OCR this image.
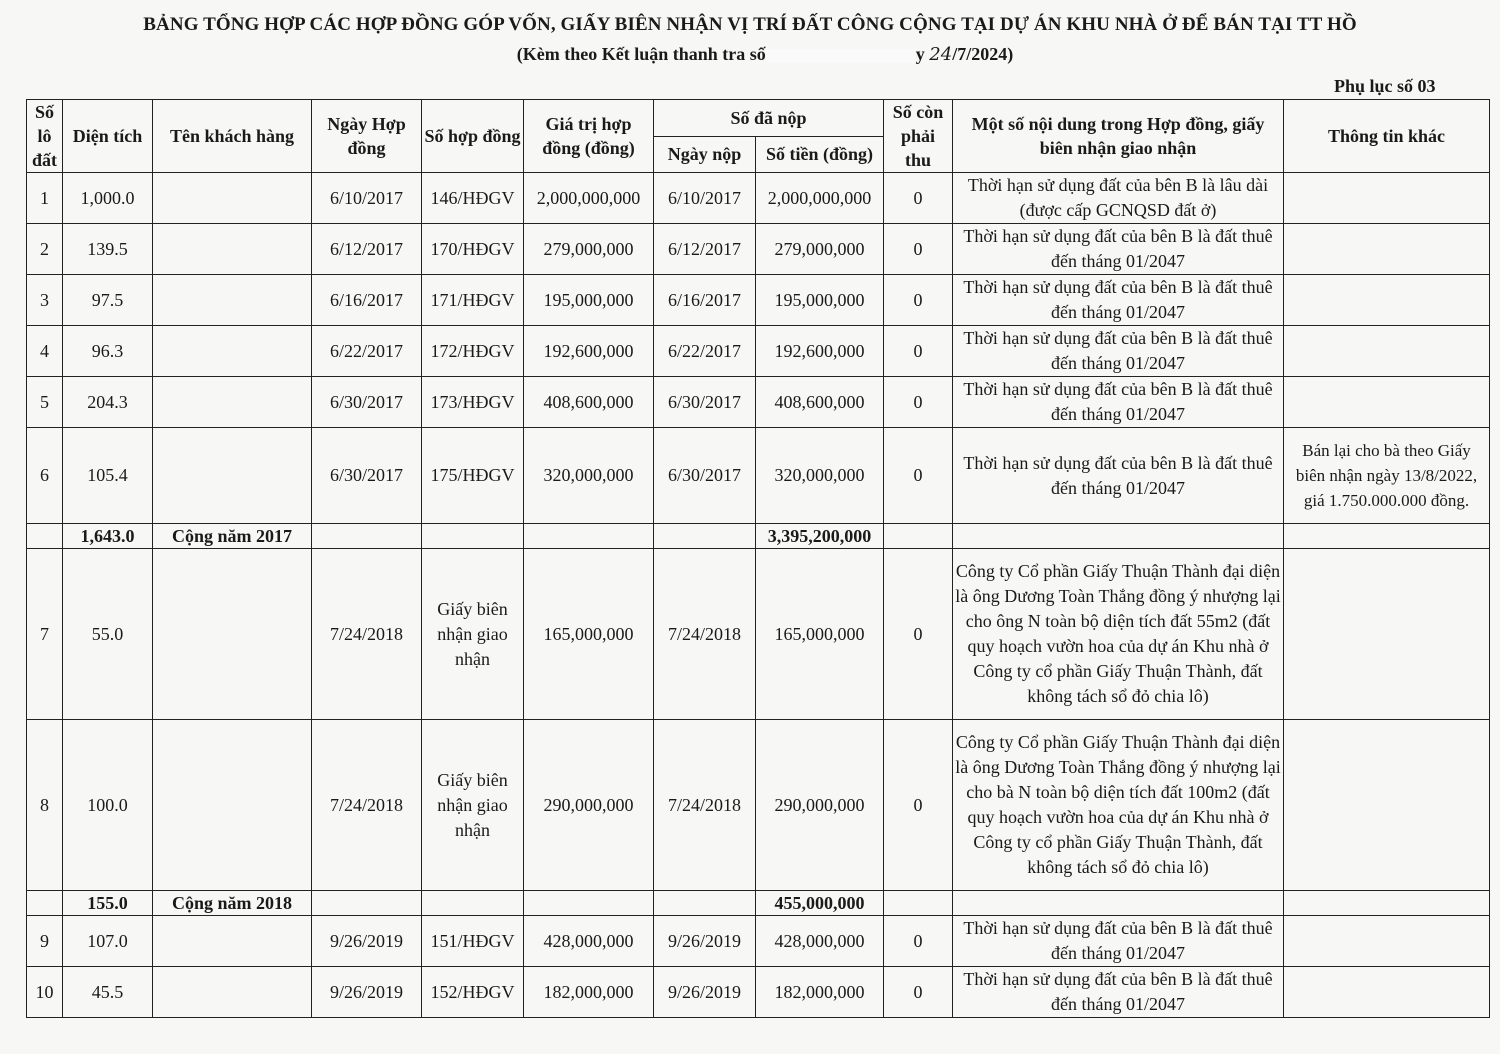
BẢNG TỔNG HỢP CÁC HỢP ĐỒNG GÓP VỐN, GIẤY BIÊN NHẬN VỊ TRÍ ĐẤT CÔNG CỘNG TẠI DỰ ÁN KHU NHÀ Ở ĐỂ BÁN TẠI TT HỒ
(Kèm theo Kết luận thanh tra số	y 24/7/2024)
Phụ lục số 03
Số lô đất	Diện tích	Tên khách hàng	Ngày Hợp đồng	Số hợp đồng	Giá trị hợp đồng (đồng)	Số đã nộp		Số còn phải thu	Một số nội dung trong Hợp đồng, giấy biên nhận giao nhận	Thông tin khác
						Ngày nộp	Số tiền (đồng)			
1	1,000.0		6/10/2017	146/HĐGV	2,000,000,000	6/10/2017	2,000,000,000	0	Thời hạn sử dụng đất của bên B là lâu dài (được cấp GCNQSD đất ở)	
2	139.5		6/12/2017	170/HĐGV	279,000,000	6/12/2017	279,000,000	0	Thời hạn sử dụng đất của bên B là đất thuê đến tháng 01/2047	
3	97.5		6/16/2017	171/HĐGV	195,000,000	6/16/2017	195,000,000	0	Thời hạn sử dụng đất của bên B là đất thuê đến tháng 01/2047	
4	96.3		6/22/2017	172/HĐGV	192,600,000	6/22/2017	192,600,000	0	Thời hạn sử dụng đất của bên B là đất thuê đến tháng 01/2047	
5	204.3		6/30/2017	173/HĐGV	408,600,000	6/30/2017	408,600,000	0	Thời hạn sử dụng đất của bên B là đất thuê đến tháng 01/2047	
6	105.4		6/30/2017	175/HĐGV	320,000,000	6/30/2017	320,000,000	0	Thời hạn sử dụng đất của bên B là đất thuê đến tháng 01/2047	Bán lại cho bà theo Giấy biên nhận ngày 13/8/2022, giá 1.750.000.000 đồng.
	1,643.0	Cộng năm 2017					3,395,200,000			
7	55.0		7/24/2018	Giấy biên nhận giao nhận	165,000,000	7/24/2018	165,000,000	0	Công ty Cổ phần Giấy Thuận Thành đại diện là ông Dương Toàn Thắng đồng ý nhượng lại cho ông N toàn bộ diện tích đất 55m2 (đất quy hoạch vườn hoa của dự án Khu nhà ở Công ty cổ phần Giấy Thuận Thành, đất không tách sổ đỏ chia lô)	
8	100.0		7/24/2018	Giấy biên nhận giao nhận	290,000,000	7/24/2018	290,000,000	0	Công ty Cổ phần Giấy Thuận Thành đại diện là ông Dương Toàn Thắng đồng ý nhượng lại cho bà N toàn bộ diện tích đất 100m2 (đất quy hoạch vườn hoa của dự án Khu nhà ở Công ty cổ phần Giấy Thuận Thành, đất không tách sổ đỏ chia lô)	
	155.0	Cộng năm 2018					455,000,000			
9	107.0		9/26/2019	151/HĐGV	428,000,000	9/26/2019	428,000,000	0	Thời hạn sử dụng đất của bên B là đất thuê đến tháng 01/2047	
10	45.5		9/26/2019	152/HĐGV	182,000,000	9/26/2019	182,000,000	0	Thời hạn sử dụng đất của bên B là đất thuê đến tháng 01/2047	
